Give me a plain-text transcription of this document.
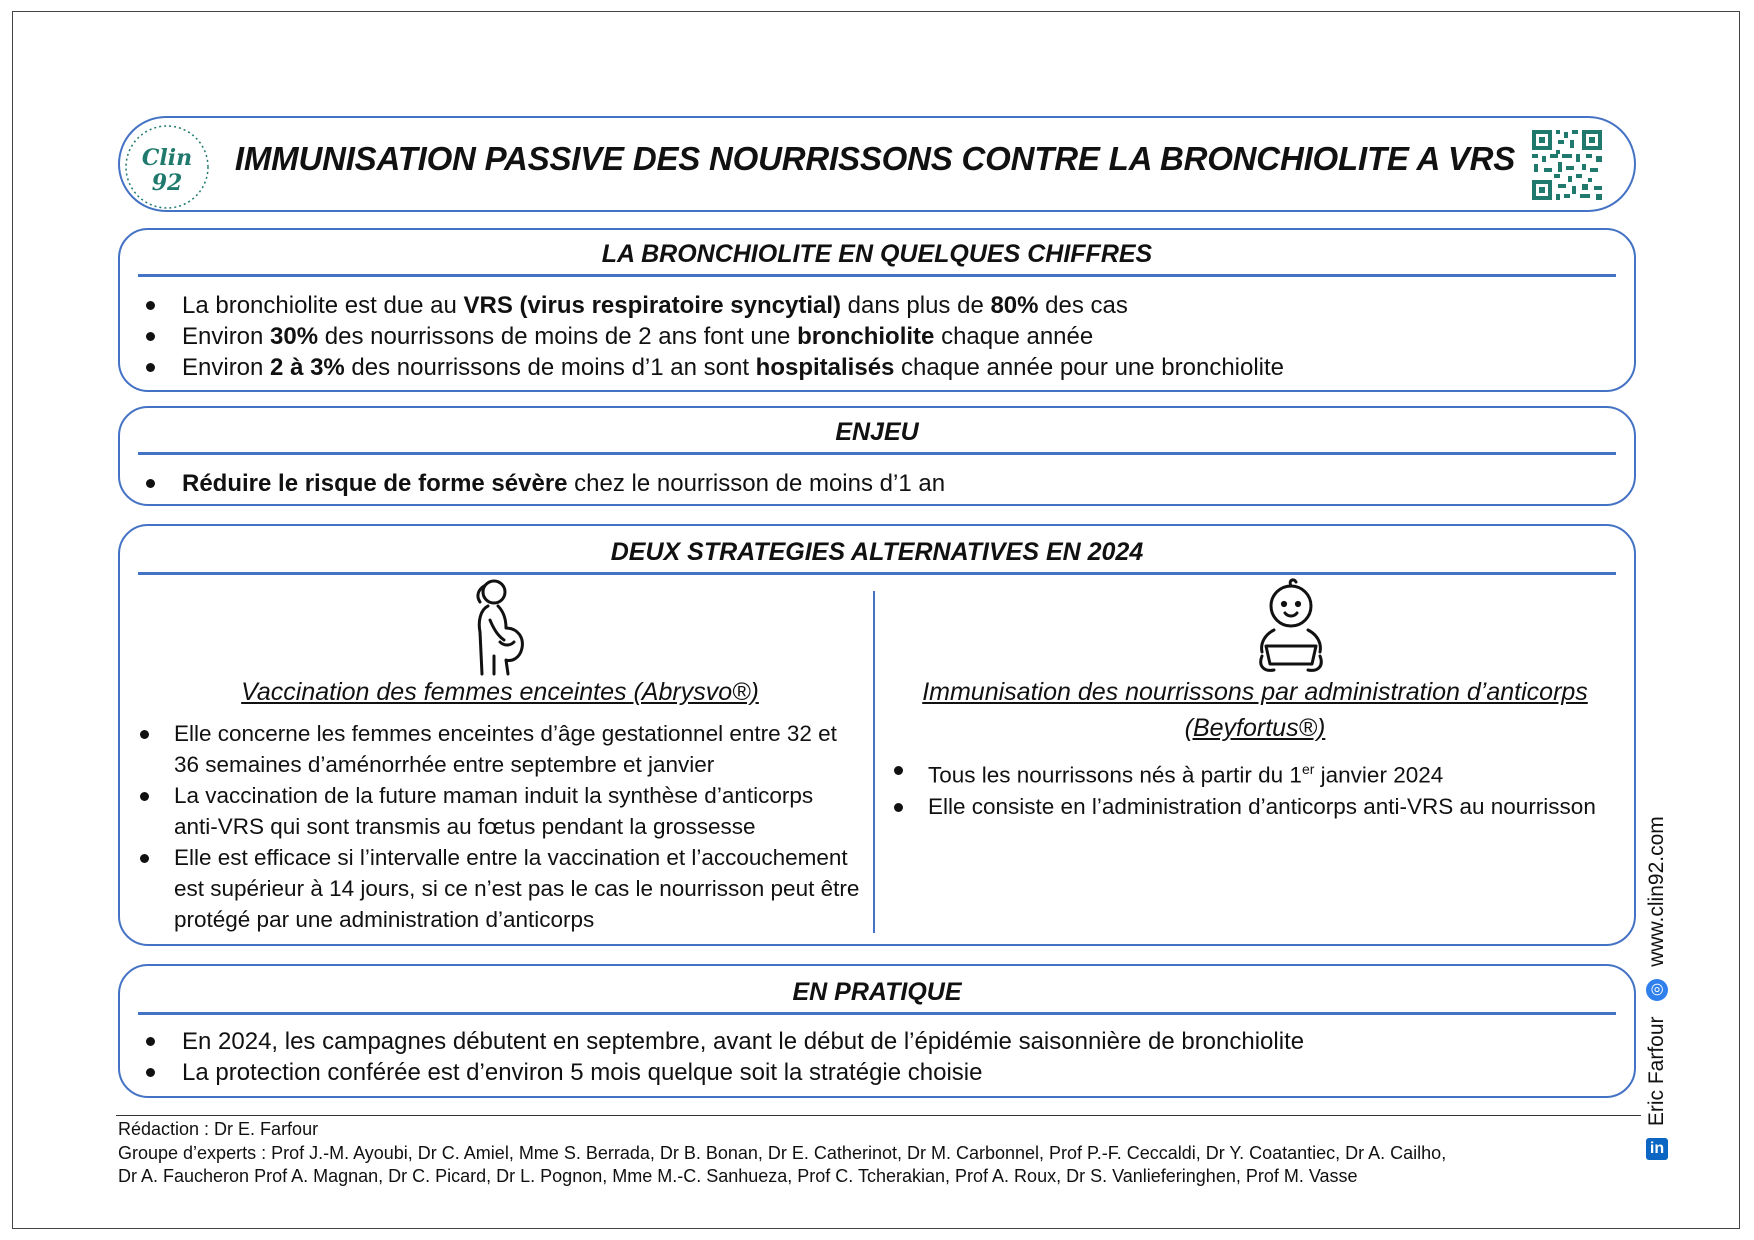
Clin
92
IMMUNISATION PASSIVE DES NOURRISSONS CONTRE LA BRONCHIOLITE A VRS
LA BRONCHIOLITE EN QUELQUES CHIFFRES
La bronchiolite est due au VRS (virus respiratoire syncytial) dans plus de 80% des cas
Environ 30% des nourrissons de moins de 2 ans font une bronchiolite chaque année
Environ 2 à 3% des nourrissons de moins d’1 an sont hospitalisés chaque année pour une bronchiolite
ENJEU
Réduire le risque de forme sévère chez le nourrisson de moins d’1 an
DEUX STRATEGIES ALTERNATIVES EN 2024
Vaccination des femmes enceintes (Abrysvo®)
Elle concerne les femmes enceintes d’âge gestationnel entre 32 et 36 semaines d’aménorrhée entre septembre et janvier
La vaccination de la future maman induit la synthèse d’anticorps anti-VRS qui sont transmis au fœtus pendant la grossesse
Elle est efficace si l’intervalle entre la vaccination et l’accouchement est supérieur à 14 jours, si ce n’est pas le cas le nourrisson peut être protégé par une administration d’anticorps
Immunisation des nourrissons par administration d’anticorps (Beyfortus®)
Tous les nourrissons nés à partir du 1er janvier 2024
Elle consiste en l’administration d’anticorps anti-VRS au nourrisson
EN PRATIQUE
En 2024, les campagnes débutent en septembre, avant le début de l’épidémie saisonnière de bronchiolite
La protection conférée est d’environ 5 mois quelque soit la stratégie choisie
Rédaction : Dr E. Farfour
Groupe d’experts : Prof J.-M. Ayoubi, Dr C. Amiel, Mme S. Berrada, Dr B. Bonan, Dr E. Catherinot, Dr M. Carbonnel, Prof P.-F. Ceccaldi, Dr Y. Coatantiec, Dr A. Cailho,
Dr A. Faucheron Prof A. Magnan, Dr C. Picard, Dr L. Pognon, Mme M.-C. Sanhueza, Prof C. Tcherakian, Prof A. Roux, Dr S. Vanlieferinghen, Prof M. Vasse
in Eric Farfour ◎ www.clin92.com
